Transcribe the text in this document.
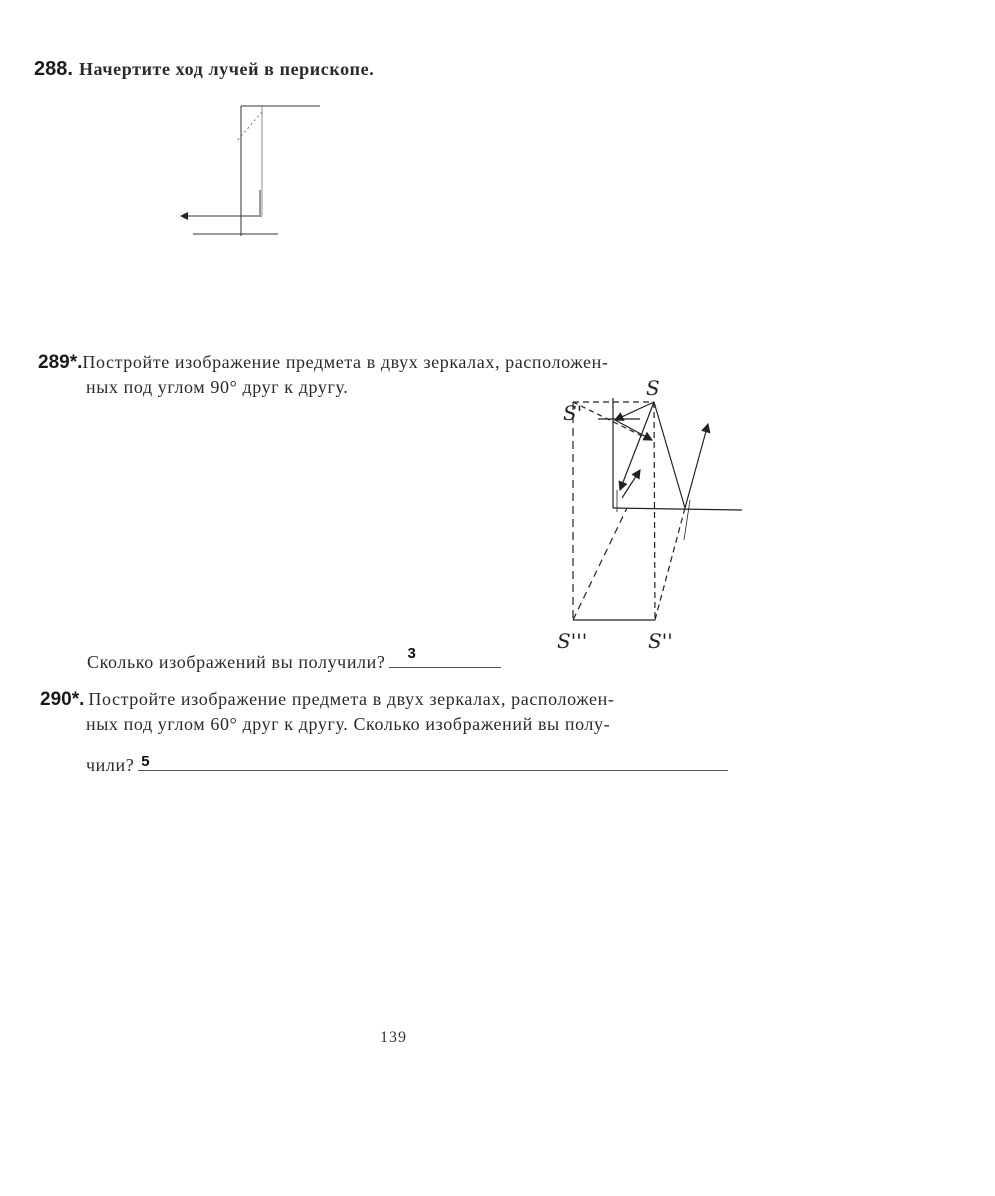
288. Начертите ход лучей в перископе.
289*.Постройте изображение предмета в двух зеркалах, расположен-
ных под углом 90° друг к другу.
Сколько изображений вы получили? 3
290*. Постройте изображение предмета в двух зеркалах, расположен-
ных под углом 60° друг к другу. Сколько изображений вы полу-
чили? 5
139
S'
S
S'''	S''
